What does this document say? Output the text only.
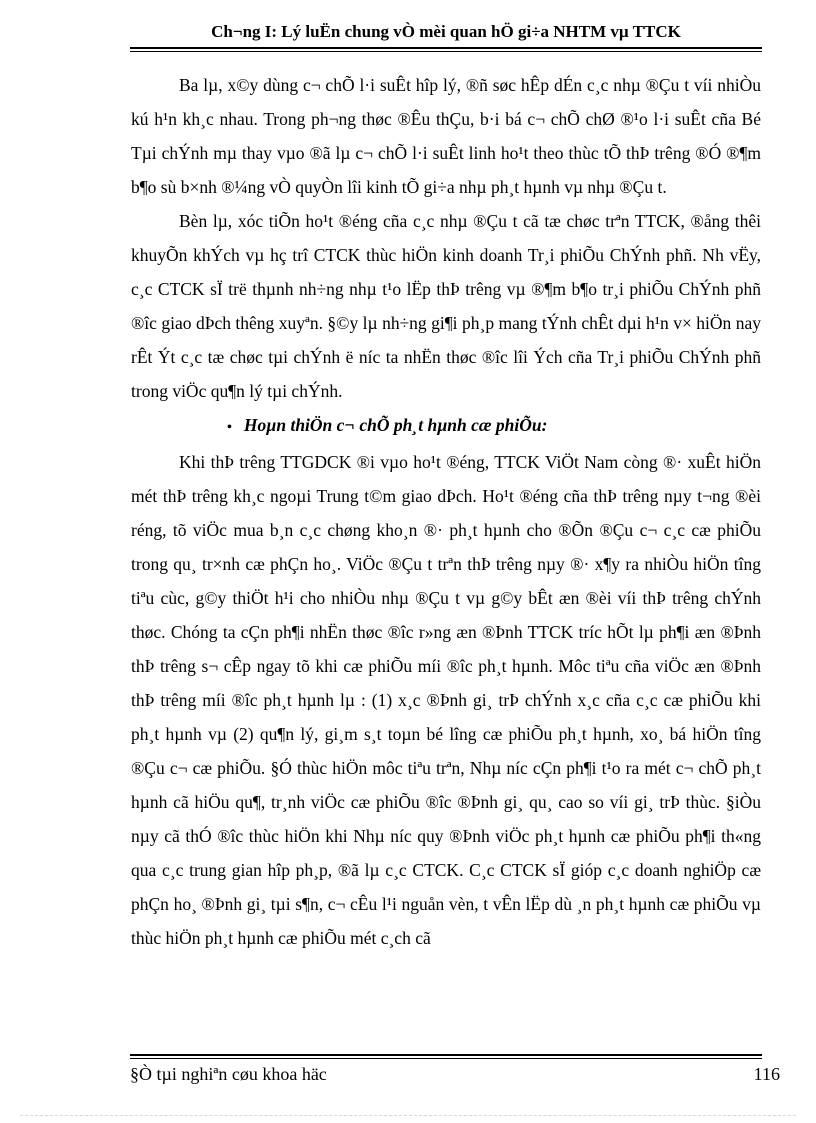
Ch¬ng I: Lý luËn chung vÒ mèi quan hÖ gi÷a NHTM vµ TTCK

Ba lµ, x©y dùng c¬ chÕ l·i suÊt hîp lý, ®ñ søc hÊp dÉn c¸c nhµ ®Çu t víi nhiÒu kú h¹n kh¸c nhau. Trong ph¬ng thøc ®Êu thÇu, b·i bá c¬ chÕ chØ ®¹o l·i suÊt cña Bé Tµi chÝnh mµ thay vµo ®ã lµ c¬ chÕ l·i suÊt linh ho¹t theo thùc tÕ thÞ trêng ®Ó ®¶m b¶o sù b×nh ®¼ng vÒ quyÒn lîi kinh tÕ gi÷a nhµ ph¸t hµnh vµ nhµ ®Çu t.

Bèn lµ, xóc tiÕn ho¹t ®éng cña c¸c nhµ ®Çu t cã tæ chøc trªn TTCK, ®ång thêi khuyÕn khÝch vµ hç trî CTCK thùc hiÖn kinh doanh Tr¸i phiÕu ChÝnh phñ. Nh vËy, c¸c CTCK sÏ trë thµnh nh÷ng nhµ t¹o lËp thÞ trêng vµ ®¶m b¶o tr¸i phiÕu ChÝnh phñ ®îc giao dÞch thêng xuyªn. §©y lµ nh÷ng gi¶i ph¸p mang tÝnh chÊt dµi h¹n v× hiÖn nay rÊt Ýt c¸c tæ chøc tµi chÝnh ë níc ta nhËn thøc ®îc lîi Ých cña Tr¸i phiÕu ChÝnh phñ trong viÖc qu¶n lý tµi chÝnh.

• Hoµn thiÖn c¬ chÕ ph¸t hµnh cæ phiÕu:

Khi thÞ trêng TTGDCK ®i vµo ho¹t ®éng, TTCK ViÖt Nam còng ®· xuÊt hiÖn mét thÞ trêng kh¸c ngoµi Trung t©m giao dÞch. Ho¹t ®éng cña thÞ trêng nµy t¬ng ®èi réng, tõ viÖc mua b¸n c¸c chøng kho¸n ®· ph¸t hµnh cho ®Õn ®Çu c¬ c¸c cæ phiÕu trong qu¸ tr×nh cæ phÇn ho¸. ViÖc ®Çu t trªn thÞ trêng nµy ®· x¶y ra nhiÒu hiÖn tîng tiªu cùc, g©y thiÖt h¹i cho nhiÒu nhµ ®Çu t vµ g©y bÊt æn ®èi víi thÞ trêng chÝnh thøc. Chóng ta cÇn ph¶i nhËn thøc ®îc r»ng æn ®Þnh TTCK tríc hÕt lµ ph¶i æn ®Þnh thÞ trêng s¬ cÊp ngay tõ khi cæ phiÕu míi ®îc ph¸t hµnh. Môc tiªu cña viÖc æn ®Þnh thÞ trêng míi ®îc ph¸t hµnh lµ : (1) x¸c ®Þnh gi¸ trÞ chÝnh x¸c cña c¸c cæ phiÕu khi ph¸t hµnh vµ (2) qu¶n lý, gi¸m s¸t toµn bé lîng cæ phiÕu ph¸t hµnh, xo¸ bá hiÖn tîng ®Çu c¬ cæ phiÕu. §Ó thùc hiÖn môc tiªu trªn, Nhµ níc cÇn ph¶i t¹o ra mét c¬ chÕ ph¸t hµnh cã hiÖu qu¶, tr¸nh viÖc cæ phiÕu ®îc ®Þnh gi¸ qu¸ cao so víi gi¸ trÞ thùc. §iÒu nµy cã thÓ ®îc thùc hiÖn khi Nhµ níc quy ®Þnh viÖc ph¸t hµnh cæ phiÕu ph¶i th«ng qua c¸c trung gian hîp ph¸p, ®ã lµ c¸c CTCK. C¸c CTCK sÏ gióp c¸c doanh nghiÖp cæ phÇn ho¸ ®Þnh gi¸ tµi s¶n, c¬ cÊu l¹i nguån vèn, t vÊn lËp dù ¸n ph¸t hµnh cæ phiÕu vµ thùc hiÖn ph¸t hµnh cæ phiÕu mét c¸ch cã

§Ò tµi nghiªn cøu khoa häc	116
